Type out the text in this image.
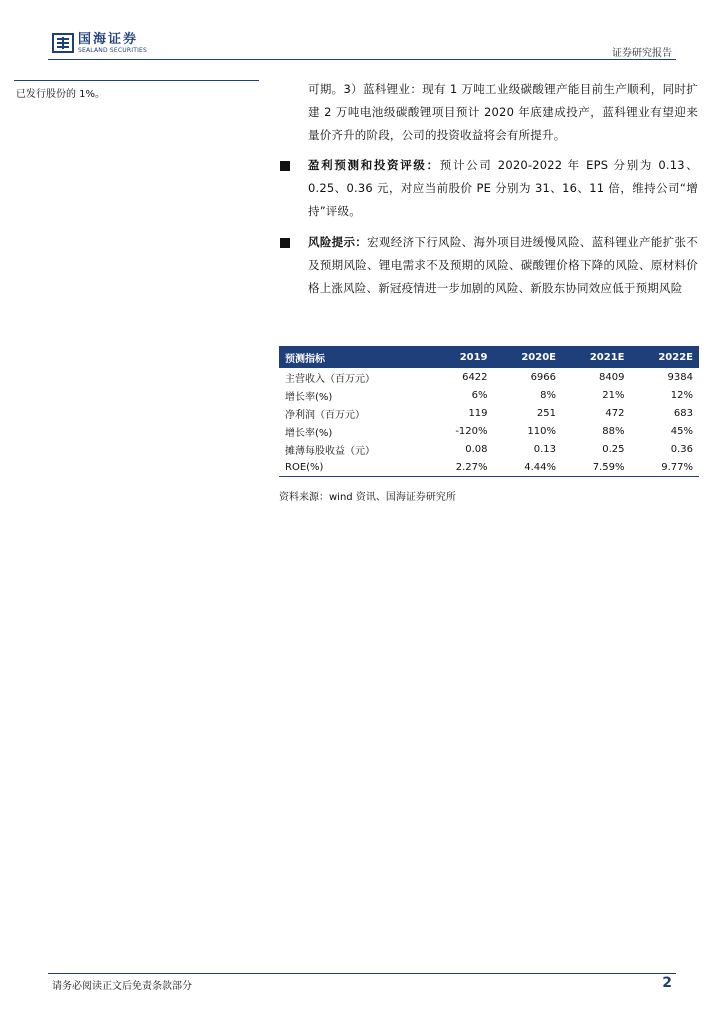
国海证券
SEALAND SECURITIES	证券研究报告
已发行股份的 1%。	可期。3）蓝科锂业：现有 1 万吨工业级碳酸锂产能目前生产顺利，同时扩建 2 万吨电池级碳酸锂项目预计 2020 年底建成投产，蓝科锂业有望迎来量价齐升的阶段，公司的投资收益将会有所提升。
盈利预测和投资评级：预计公司 2020-2022 年 EPS 分别为 0.13、0.25、0.36 元，对应当前股价 PE 分别为 31、16、11 倍，维持公司“增持”评级。
风险提示：宏观经济下行风险、海外项目进缓慢风险、蓝科锂业产能扩张不及预期风险、锂电需求不及预期的风险、碳酸锂价格下降的风险、原材料价格上涨风险、新冠疫情进一步加剧的风险、新股东协同效应低于预期风险
预测指标	2019	2020E	2021E	2022E
主营收入（百万元）	6422	6966	8409	9384
增长率(%)	6%	8%	21%	12%
净利润（百万元）	119	251	472	683
增长率(%)	-120%	110%	88%	45%
摊薄每股收益（元）	0.08	0.13	0.25	0.36
ROE(%)	2.27%	4.44%	7.59%	9.77%
资料来源：wind 资讯、国海证券研究所
请务必阅读正文后免责条款部分	2
